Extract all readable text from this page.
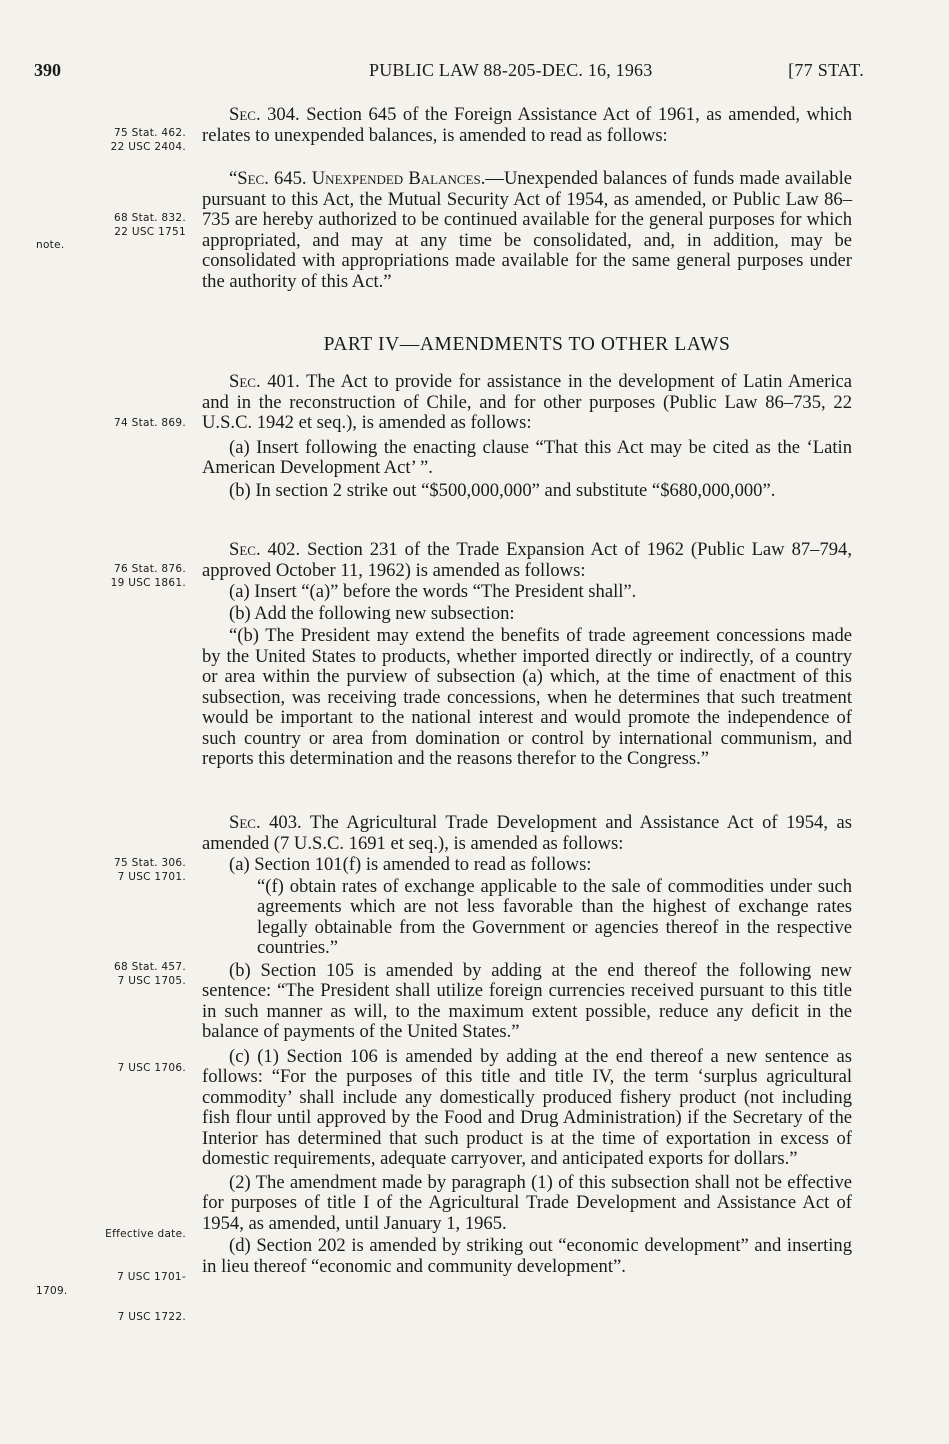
390	PUBLIC LAW 88-205-DEC. 16, 1963	[77 STAT.
75 Stat. 462.
22 USC 2404.

Sec. 304. Section 645 of the Foreign Assistance Act of 1961, as amended, which relates to unexpended balances, is amended to read as follows:

68 Stat. 832.
22 USC 1751
note.

“Sec. 645. Unexpended Balances.—Unexpended balances of funds made available pursuant to this Act, the Mutual Security Act of 1954, as amended, or Public Law 86–735 are hereby authorized to be continued available for the general purposes for which appropriated, and may at any time be consolidated, and, in addition, may be consolidated with appropriations made available for the same general purposes under the authority of this Act.”

PART IV—AMENDMENTS TO OTHER LAWS
74 Stat. 869.

Sec. 401. The Act to provide for assistance in the development of Latin America and in the reconstruction of Chile, and for other purposes (Public Law 86–735, 22 U.S.C. 1942 et seq.), is amended as follows:

(a) Insert following the enacting clause “That this Act may be cited as the ‘Latin American Development Act’ ”.

(b) In section 2 strike out “$500,000,000” and substitute “$680,000,000”.

76 Stat. 876.
19 USC 1861.

Sec. 402. Section 231 of the Trade Expansion Act of 1962 (Public Law 87–794, approved October 11, 1962) is amended as follows:

(a) Insert “(a)” before the words “The President shall”.

(b) Add the following new subsection:

“(b) The President may extend the benefits of trade agreement concessions made by the United States to products, whether imported directly or indirectly, of a country or area within the purview of subsection (a) which, at the time of enactment of this subsection, was receiving trade concessions, when he determines that such treatment would be important to the national interest and would promote the independence of such country or area from domination or control by international communism, and reports this determination and the reasons therefor to the Congress.”

75 Stat. 306.
7 USC 1701.
68 Stat. 457.
7 USC 1705.
7 USC 1706.
Effective date.
7 USC 1701-
1709.
7 USC 1722.

Sec. 403. The Agricultural Trade Development and Assistance Act of 1954, as amended (7 U.S.C. 1691 et seq.), is amended as follows:

(a) Section 101(f) is amended to read as follows:

“(f) obtain rates of exchange applicable to the sale of commodities under such agreements which are not less favorable than the highest of exchange rates legally obtainable from the Government or agencies thereof in the respective countries.”

(b) Section 105 is amended by adding at the end thereof the following new sentence: “The President shall utilize foreign currencies received pursuant to this title in such manner as will, to the maximum extent possible, reduce any deficit in the balance of payments of the United States.”

(c) (1) Section 106 is amended by adding at the end thereof a new sentence as follows: “For the purposes of this title and title IV, the term ‘surplus agricultural commodity’ shall include any domestically produced fishery product (not including fish flour until approved by the Food and Drug Administration) if the Secretary of the Interior has determined that such product is at the time of exportation in excess of domestic requirements, adequate carryover, and anticipated exports for dollars.”

(2) The amendment made by paragraph (1) of this subsection shall not be effective for purposes of title I of the Agricultural Trade Development and Assistance Act of 1954, as amended, until January 1, 1965.

(d) Section 202 is amended by striking out “economic development” and inserting in lieu thereof “economic and community development”.
